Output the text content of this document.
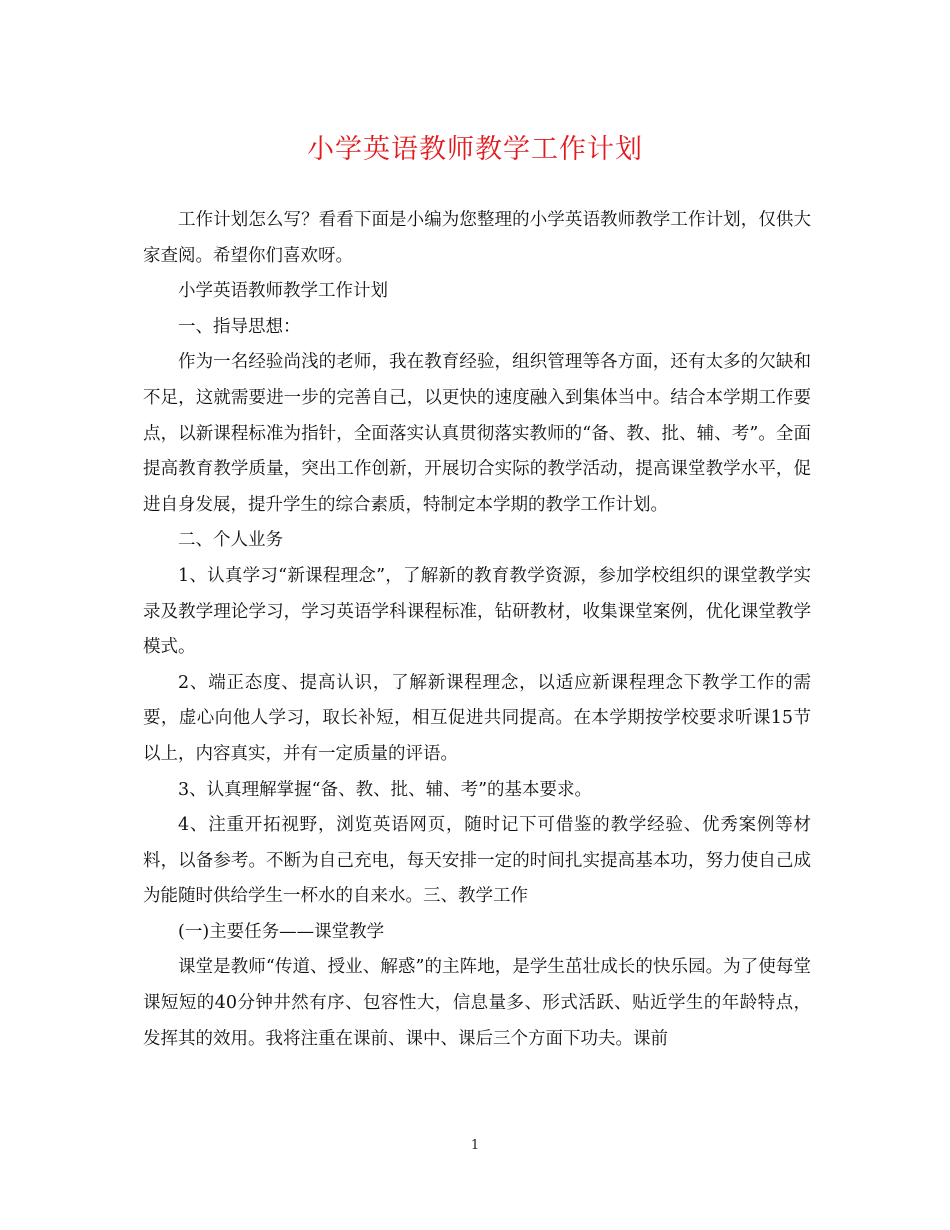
小学英语教师教学工作计划

工作计划怎么写？看看下面是小编为您整理的小学英语教师教学工作计划，仅供大家查阅。希望你们喜欢呀。

小学英语教师教学工作计划

一、指导思想：

作为一名经验尚浅的老师，我在教育经验，组织管理等各方面，还有太多的欠缺和不足，这就需要进一步的完善自己，以更快的速度融入到集体当中。结合本学期工作要点，以新课程标准为指针，全面落实认真贯彻落实教师的“备、教、批、辅、考”。全面提高教育教学质量，突出工作创新，开展切合实际的教学活动，提高课堂教学水平，促进自身发展，提升学生的综合素质，特制定本学期的教学工作计划。

二、个人业务

1、认真学习“新课程理念”，了解新的教育教学资源，参加学校组织的课堂教学实录及教学理论学习，学习英语学科课程标准，钻研教材，收集课堂案例，优化课堂教学模式。

2、端正态度、提高认识，了解新课程理念，以适应新课程理念下教学工作的需要，虚心向他人学习，取长补短，相互促进共同提高。在本学期按学校要求听课15节以上，内容真实，并有一定质量的评语。

3、认真理解掌握“备、教、批、辅、考”的基本要求。

4、注重开拓视野，浏览英语网页，随时记下可借鉴的教学经验、优秀案例等材料，以备参考。不断为自己充电，每天安排一定的时间扎实提高基本功，努力使自己成为能随时供给学生一杯水的自来水。三、教学工作

(一)主要任务——课堂教学

课堂是教师“传道、授业、解惑”的主阵地，是学生茁壮成长的快乐园。为了使每堂课短短的40分钟井然有序、包容性大，信息量多、形式活跃、贴近学生的年龄特点，发挥其的效用。我将注重在课前、课中、课后三个方面下功夫。课前

1
